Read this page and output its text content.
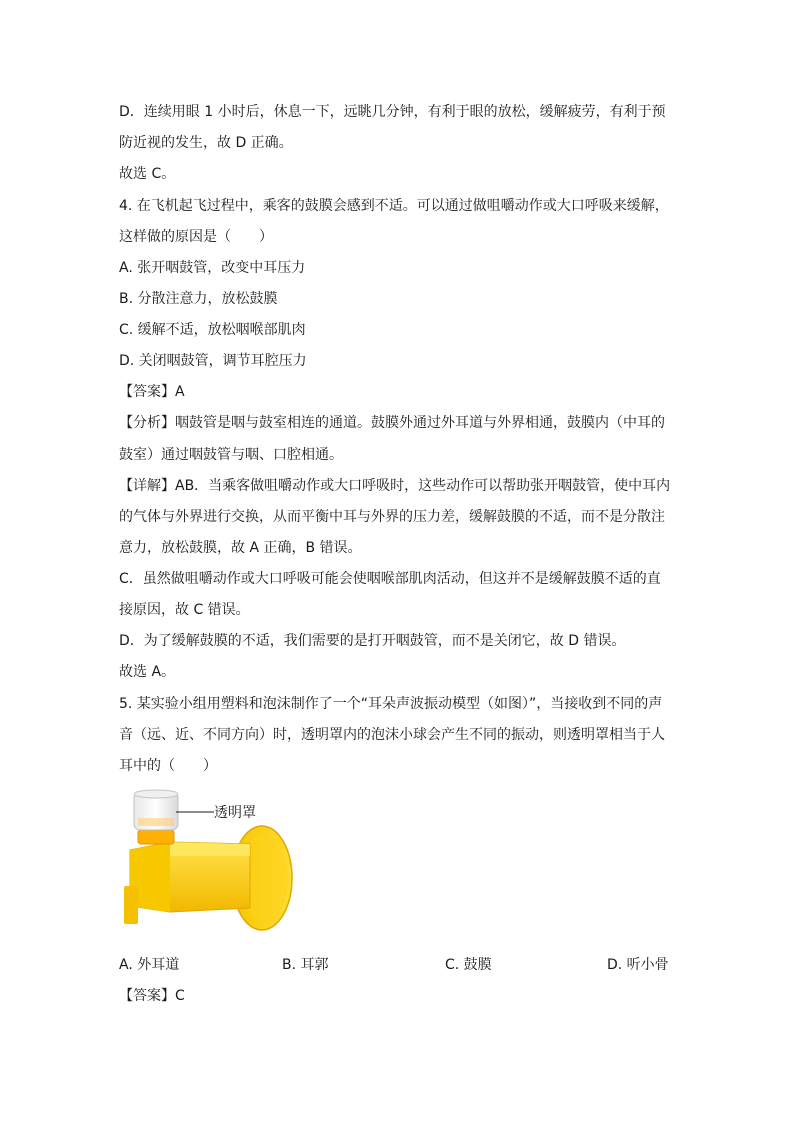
D．连续用眼 1 小时后，休息一下，远眺几分钟，有利于眼的放松，缓解疲劳，有利于预
防近视的发生，故 D 正确。
故选 C。
4. 在飞机起飞过程中，乘客的鼓膜会感到不适。可以通过做咀嚼动作或大口呼吸来缓解，
这样做的原因是（　　）
A. 张开咽鼓管，改变中耳压力
B. 分散注意力，放松鼓膜
C. 缓解不适，放松咽喉部肌肉
D. 关闭咽鼓管，调节耳腔压力
【答案】A
【分析】咽鼓管是咽与鼓室相连的通道。鼓膜外通过外耳道与外界相通，鼓膜内（中耳的
鼓室）通过咽鼓管与咽、口腔相通。
【详解】AB．当乘客做咀嚼动作或大口呼吸时，这些动作可以帮助张开咽鼓管，使中耳内
的气体与外界进行交换，从而平衡中耳与外界的压力差，缓解鼓膜的不适，而不是分散注
意力，放松鼓膜，故 A 正确，B 错误。
C．虽然做咀嚼动作或大口呼吸可能会使咽喉部肌肉活动，但这并不是缓解鼓膜不适的直
接原因，故 C 错误。
D．为了缓解鼓膜的不适，我们需要的是打开咽鼓管，而不是关闭它，故 D 错误。
故选 A。
5. 某实验小组用塑料和泡沫制作了一个“耳朵声波振动模型（如图）”，当接收到不同的声
音（远、近、不同方向）时，透明罩内的泡沫小球会产生不同的振动，则透明罩相当于人
耳中的（　　）
透明罩
A. 外耳道	B. 耳郭	C. 鼓膜	D. 听小骨
【答案】C
